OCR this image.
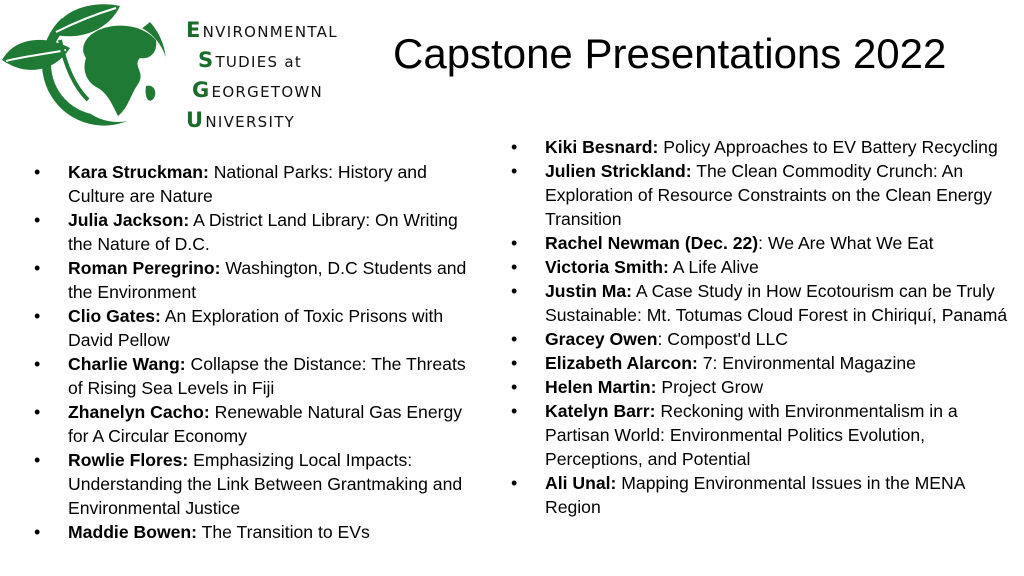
ENVIRONMENTAL
STUDIES at
GEORGETOWN
UNIVERSITY
Capstone Presentations 2022
• Kara Struckman: National Parks: History and Culture are Nature
• Julia Jackson: A District Land Library: On Writing the Nature of D.C.
• Roman Peregrino: Washington, D.C Students and the Environment
• Clio Gates: An Exploration of Toxic Prisons with David Pellow
• Charlie Wang: Collapse the Distance: The Threats of Rising Sea Levels in Fiji
• Zhanelyn Cacho: Renewable Natural Gas Energy for A Circular Economy
• Rowlie Flores: Emphasizing Local Impacts: Understanding the Link Between Grantmaking and Environmental Justice
• Maddie Bowen: The Transition to EVs
• Kiki Besnard: Policy Approaches to EV Battery Recycling
• Julien Strickland: The Clean Commodity Crunch: An Exploration of Resource Constraints on the Clean Energy Transition
• Rachel Newman (Dec. 22): We Are What We Eat
• Victoria Smith: A Life Alive
• Justin Ma: A Case Study in How Ecotourism can be Truly Sustainable: Mt. Totumas Cloud Forest in Chiriquí, Panamá
• Gracey Owen: Compost'd LLC
• Elizabeth Alarcon: 7: Environmental Magazine
• Helen Martin: Project Grow
• Katelyn Barr: Reckoning with Environmentalism in a Partisan World: Environmental Politics Evolution, Perceptions, and Potential
• Ali Unal: Mapping Environmental Issues in the MENA Region
